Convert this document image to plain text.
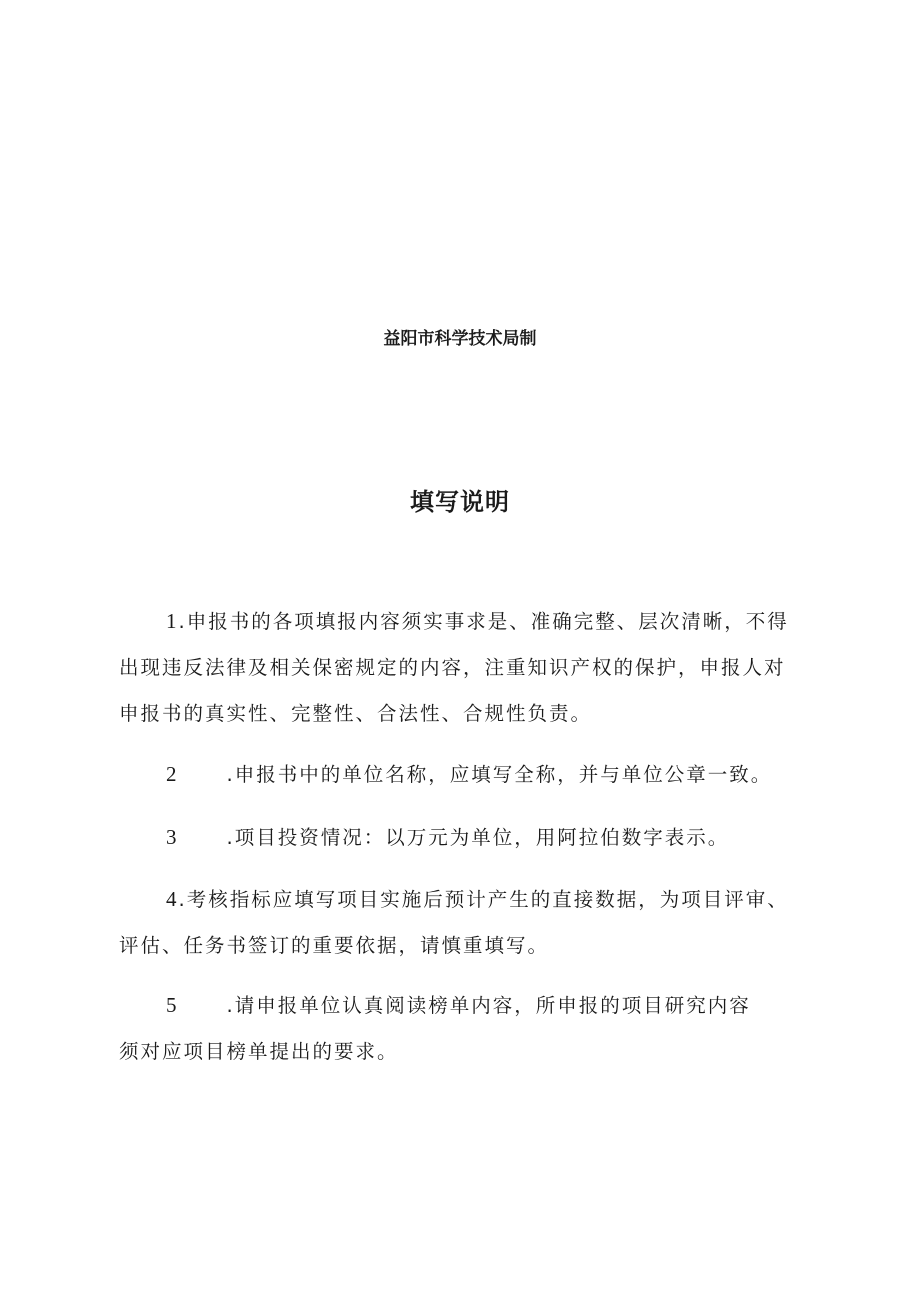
益阳市科学技术局制
填写说明
1.申报书的各项填报内容须实事求是、准确完整、层次清晰，不得
出现违反法律及相关保密规定的内容，注重知识产权的保护，申报人对
申报书的真实性、完整性、合法性、合规性负责。
2 .申报书中的单位名称，应填写全称，并与单位公章一致。
3 .项目投资情况：以万元为单位，用阿拉伯数字表示。
4.考核指标应填写项目实施后预计产生的直接数据，为项目评审、
评估、任务书签订的重要依据，请慎重填写。
5 .请申报单位认真阅读榜单内容，所申报的项目研究内容
须对应项目榜单提出的要求。
